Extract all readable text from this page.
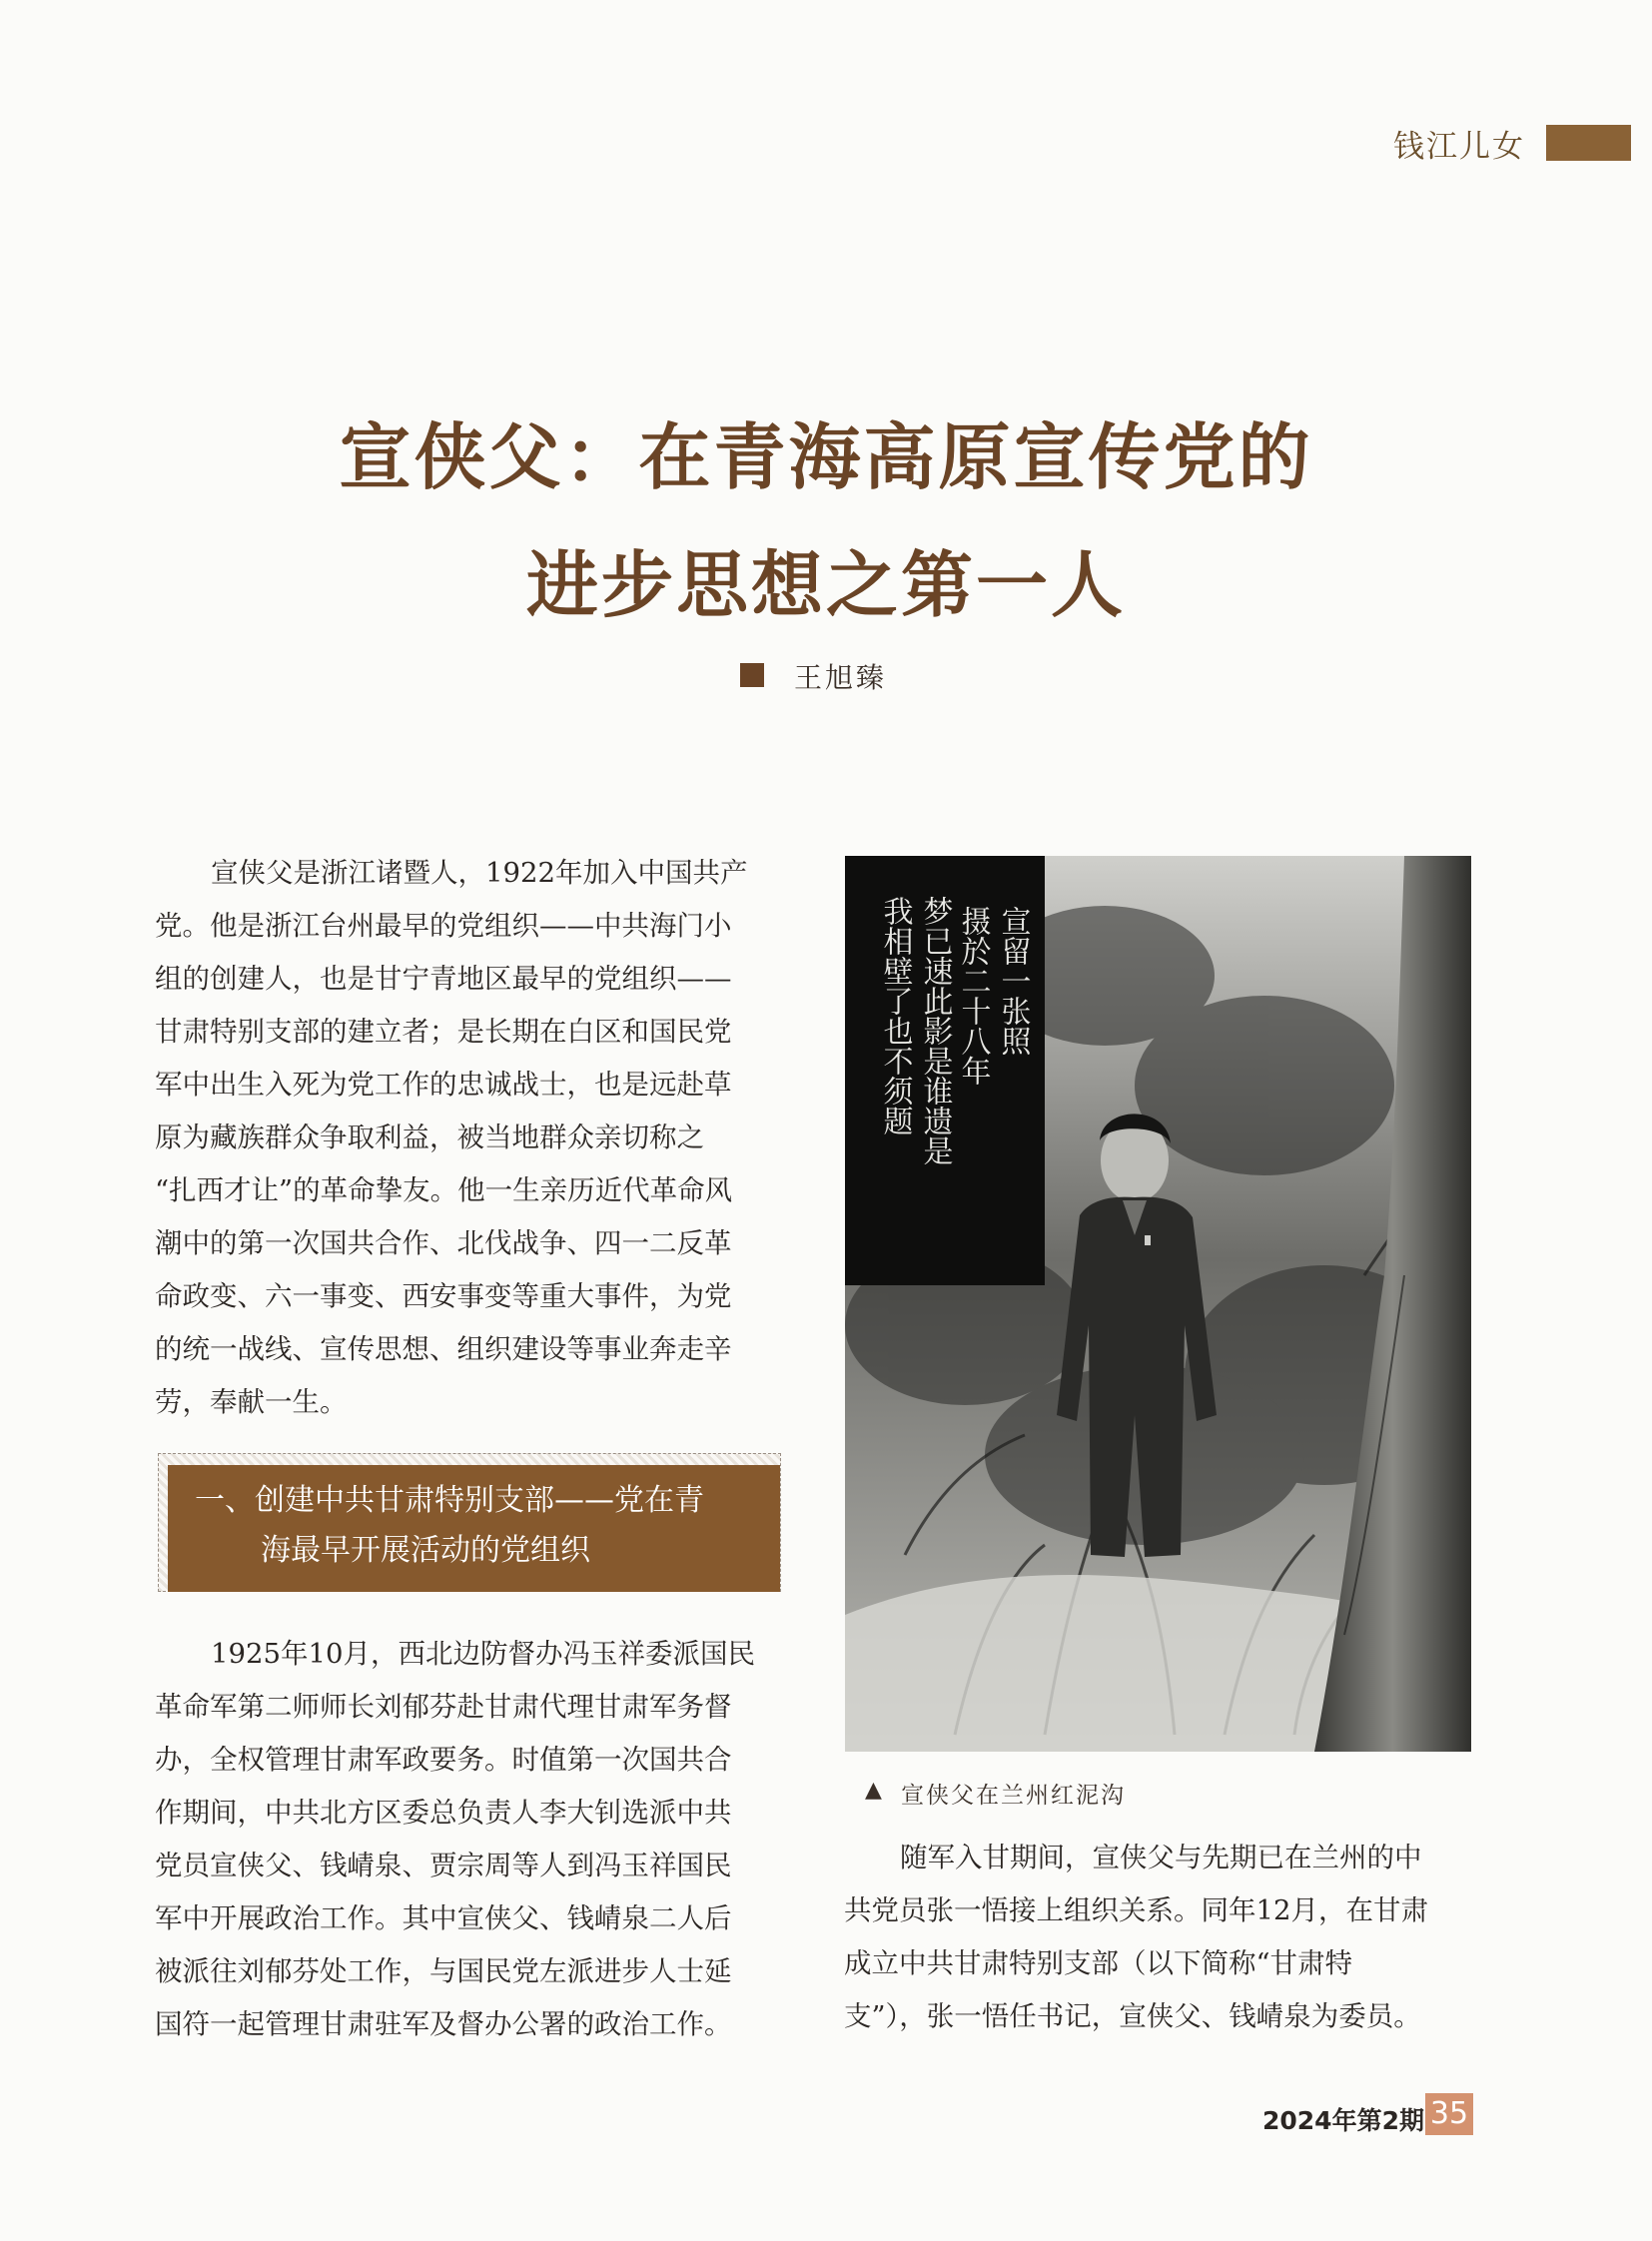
钱江儿女
宣侠父：在青海高原宣传党的
进步思想之第一人
王旭臻
宣侠父是浙江诸暨人，1922年加入中国共产
党。他是浙江台州最早的党组织——中共海门小
组的创建人，也是甘宁青地区最早的党组织——
甘肃特别支部的建立者；是长期在白区和国民党
军中出生入死为党工作的忠诚战士，也是远赴草
原为藏族群众争取利益，被当地群众亲切称之
“扎西才让”的革命挚友。他一生亲历近代革命风
潮中的第一次国共合作、北伐战争、四一二反革
命政变、六一事变、西安事变等重大事件，为党
的统一战线、宣传思想、组织建设等事业奔走辛
劳，奉献一生。
一、创建中共甘肃特别支部——党在青
海最早开展活动的党组织
1925年10月，西北边防督办冯玉祥委派国民
革命军第二师师长刘郁芬赴甘肃代理甘肃军务督
办，全权管理甘肃军政要务。时值第一次国共合
作期间，中共北方区委总负责人李大钊选派中共
党员宣侠父、钱崝泉、贾宗周等人到冯玉祥国民
军中开展政治工作。其中宣侠父、钱崝泉二人后
被派往刘郁芬处工作，与国民党左派进步人士延
国符一起管理甘肃驻军及督办公署的政治工作。
宣留一张照
摄於二十八年
梦已速此影是谁遗是
我相壁了也不须题
▲ 宣侠父在兰州红泥沟
随军入甘期间，宣侠父与先期已在兰州的中
共党员张一悟接上组织关系。同年12月，在甘肃
成立中共甘肃特别支部（以下简称“甘肃特
支”），张一悟任书记，宣侠父、钱崝泉为委员。
2024年第2期 35
